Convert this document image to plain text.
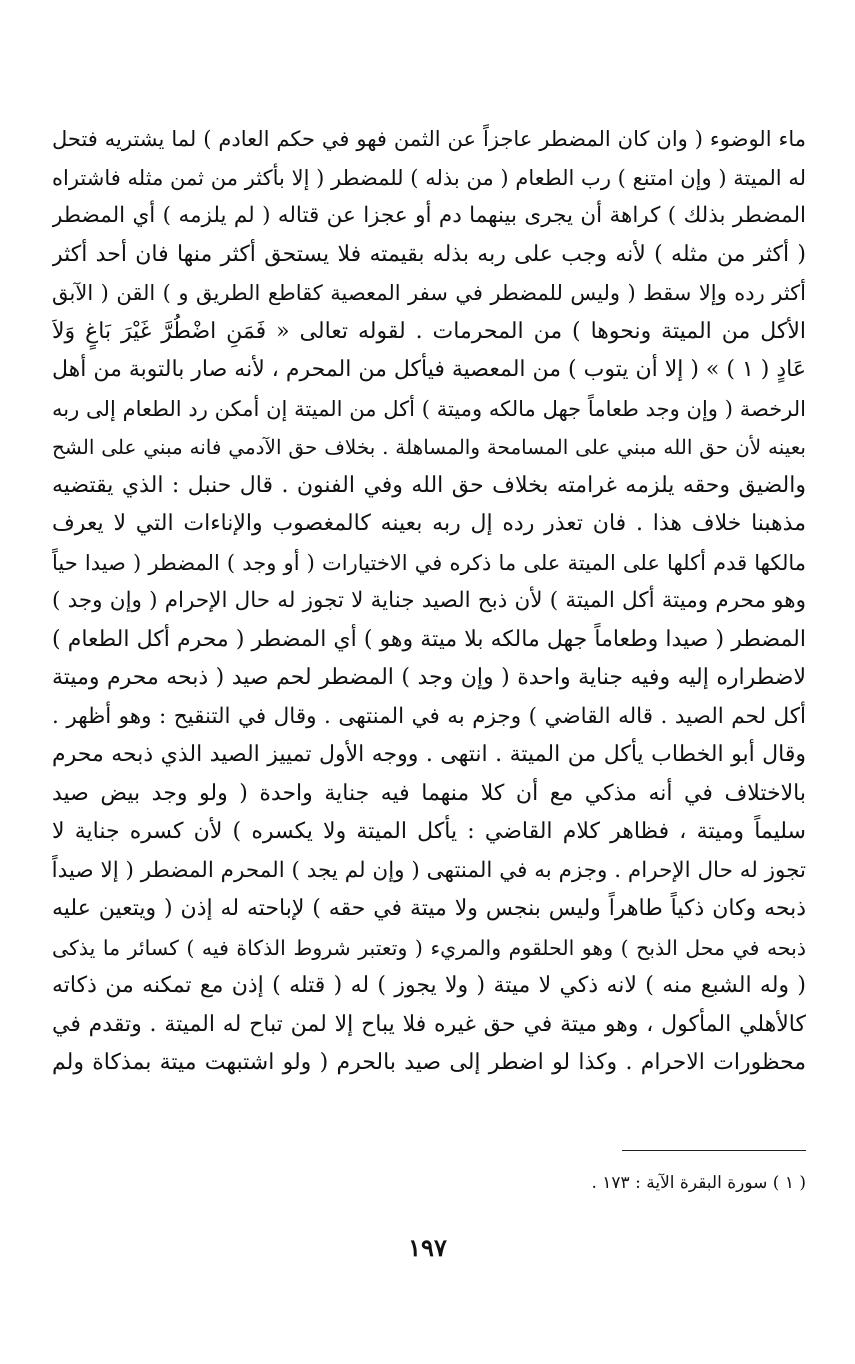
ماء الوضوء ( وان كان المضطر عاجزاً عن الثمن فهو في حكم العادم ) لما يشتريه فتحل
له الميتة ( وإن امتنع ) رب الطعام ( من بذله ) للمضطر ( إلا بأكثر من ثمن مثله فاشتراه
المضطر بذلك ) كراهة أن يجرى بينهما دم أو عجزا عن قتاله ( لم يلزمه ) أي المضطر
( أكثر من مثله ) لأنه وجب على ربه بذله بقيمته فلا يستحق أكثر منها فان أحد أكثر
أكثر رده وإلا سقط ( وليس للمضطر في سفر المعصية كقاطع الطريق و ) القن ( الآبق
الأكل من الميتة ونحوها ) من المحرمات . لقوله تعالى « فَمَنِ اضْطُرَّ غَيْرَ بَاغٍ وَلاَ
عَادٍ ( ١ ) » ( إلا أن يتوب ) من المعصية فيأكل من المحرم ، لأنه صار بالتوبة من أهل
الرخصة ( وإن وجد طعاماً جهل مالكه وميتة ) أكل من الميتة إن أمكن رد الطعام إلى ربه
بعينه لأن حق الله مبني على المسامحة والمساهلة . بخلاف حق الآدمي فانه مبني على الشح
والضيق وحقه يلزمه غرامته بخلاف حق الله وفي الفنون . قال حنبل : الذي يقتضيه
مذهبنا خلاف هذا . فان تعذر رده إل ربه بعينه كالمغصوب والإناءات التي لا يعرف
مالكها قدم أكلها على الميتة على ما ذكره في الاختيارات ( أو وجد ) المضطر ( صيدا حياً
وهو محرم وميتة أكل الميتة ) لأن ذبح الصيد جناية لا تجوز له حال الإحرام ( وإن وجد )
المضطر ( صيدا وطعاماً جهل مالكه بلا ميتة وهو ) أي المضطر ( محرم أكل الطعام )
لاضطراره إليه وفيه جناية واحدة ( وإن وجد ) المضطر لحم صيد ( ذبحه محرم وميتة
أكل لحم الصيد . قاله القاضي ) وجزم به في المنتهى . وقال في التنقيح : وهو أظهر .
وقال أبو الخطاب يأكل من الميتة . انتهى . ووجه الأول تمييز الصيد الذي ذبحه محرم
بالاختلاف في أنه مذكي مع أن كلا منهما فيه جناية واحدة ( ولو وجد بيض صيد
سليماً وميتة ، فظاهر كلام القاضي : يأكل الميتة ولا يكسره ) لأن كسره جناية لا
تجوز له حال الإحرام . وجزم به في المنتهى ( وإن لم يجد ) المحرم المضطر ( إلا صيداً
ذبحه وكان ذكياً طاهراً وليس بنجس ولا ميتة في حقه ) لإباحته له إذن ( ويتعين عليه
ذبحه في محل الذبح ) وهو الحلقوم والمريء ( وتعتبر شروط الذكاة فيه ) كسائر ما يذكى
( وله الشبع منه ) لانه ذكي لا ميتة ( ولا يجوز ) له ( قتله ) إذن مع تمكنه من ذكاته
كالأهلي المأكول ، وهو ميتة في حق غيره فلا يباح إلا لمن تباح له الميتة . وتقدم في
محظورات الاحرام . وكذا لو اضطر إلى صيد بالحرم ( ولو اشتبهت ميتة بمذكاة ولم
( ١ ) سورة البقرة الآية : ١٧٣ .
١٩٧
